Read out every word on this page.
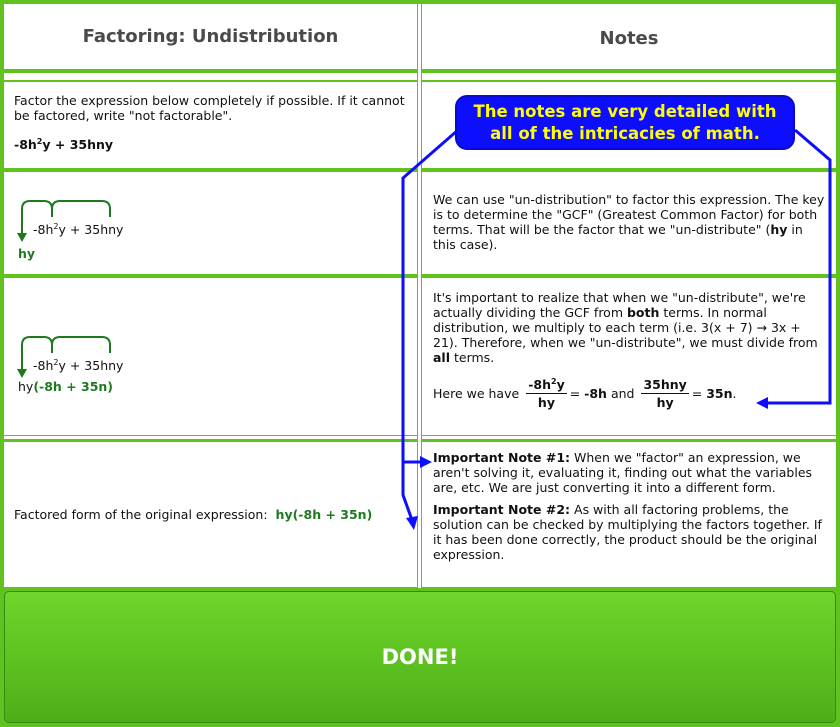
Factoring: Undistribution	Notes
Factor the expression below completely if possible. If it cannot be factored, write "not factorable".
$-8h^2y + 35hny$
$-8h^2y + 35hny$
hy
We can use "un-distribution" to factor this expression. The key is to determine the "GCF" (Greatest Common Factor) for both terms. That will be the factor that we "un-distribute" (hy in this case).
$-8h^2y + 35hny$
hy(-8h + 35n)
It's important to realize that when we "un-distribute", we're actually dividing the GCF from both terms. In normal distribution, we multiply to each term (i.e. 3(x + 7) → 3x + 21). Therefore, when we "un-distribute", we must divide from all terms.
Here we have $\frac{-8h^2y}{hy} = -8h$ and $\frac{\text{35hny}}{hy} = 35n$ .
Factored form of the original expression: hy(-8h + 35n)
Important Note #1: When we "factor" an expression, we aren't solving it, evaluating it, finding out what the variables are, etc. We are just converting it into a different form.
Important Note #2: As with all factoring problems, the solution can be checked by multiplying the factors together. If it has been done correctly, the product should be the original expression.
The notes are very detailed with
all of the intricacies of math.
DONE!
